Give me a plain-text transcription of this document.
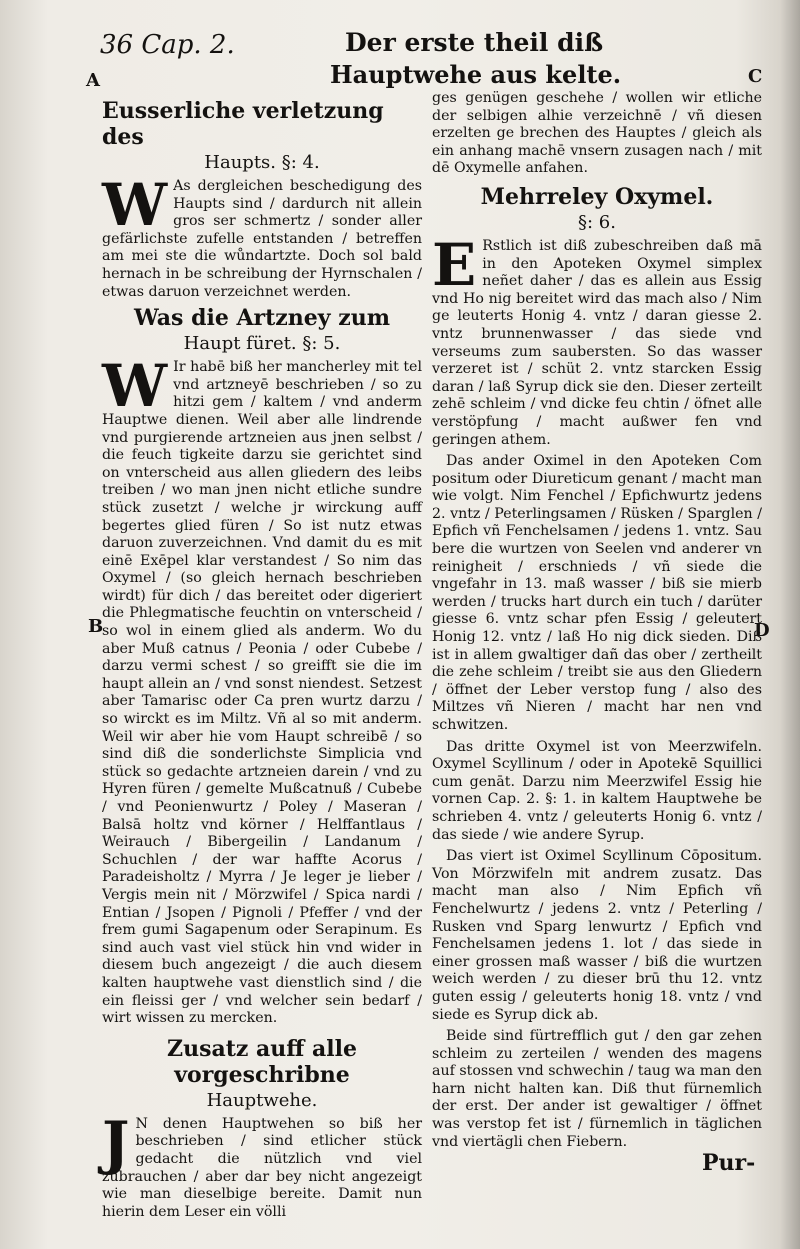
36 Cap. 2.	Der erste theil diß
Hauptwehe aus kelte.
A
B
C
D
Eusserliche verletzung des
Haupts. §: 4.

W As dergleichen beschedigung des Haupts sind / dardurch nit allein gros ser schmertz / sonder aller gefärlichste zufelle entstanden / betreffen am mei ste die wůndartzte. Doch sol bald hernach in be schreibung der Hyrnschalen / etwas daruon verzeichnet werden.

Was die Artzney zum
Haupt füret. §: 5.

W Ir habē biß her mancherley mit tel vnd artzneyē beschrieben / so zu hitzi gem / kaltem / vnd anderm Hauptwe dienen. Weil aber alle lindrende vnd purgierende artzneien aus jnen selbst / die feuch tigkeite darzu sie gerichtet sind on vnterscheid aus allen gliedern des leibs treiben / wo man jnen nicht etliche sundre stück zusetzt / welche jr wirckung auff begertes glied füren / So ist nutz etwas daruon zuverzeichnen. Vnd damit du es mit einē Exēpel klar verstandest / So nim das Oxymel / (so gleich hernach beschrieben wirdt) für dich / das bereitet oder digeriert die Phlegmatische feuchtin on vnterscheid / so wol in einem glied als anderm. Wo du aber Muß catnus / Peonia / oder Cubebe / darzu vermi schest / so greifft sie die im haupt allein an / vnd sonst niendest. Setzest aber Tamarisc oder Ca pren wurtz darzu / so wirckt es im Miltz. Vñ al so mit anderm. Weil wir aber hie vom Haupt schreibē / so sind diß die sonderlichste Simplicia vnd stück so gedachte artzneien darein / vnd zu Hyren füren / gemelte Mußcatnuß / Cubebe / vnd Peonienwurtz / Poley / Maseran / Balsā holtz vnd körner / Helffantlaus / Weirauch / Bibergeilin / Landanum / Schuchlen / der war haffte Acorus / Paradeisholtz / Myrra / Je leger je lieber / Vergis mein nit / Mörzwifel / Spica nardi / Entian / Jsopen / Pignoli / Pfeffer / vnd der frem gumi Sagapenum oder Serapinum. Es sind auch vast viel stück hin vnd wider in diesem buch angezeigt / die auch diesem kalten hauptwehe vast dienstlich sind / die ein fleissi ger / vnd welcher sein bedarf / wirt wissen zu mercken.

Zusatz auff alle vorgeschribne
Hauptwehe.

J N denen Hauptwehen so biß her beschrieben / sind etlicher stück gedacht die nützlich vnd viel zubrauchen / aber dar bey nicht angezeigt wie man dieselbige bereite. Damit nun hierin dem Leser ein völli

ges genügen geschehe / wollen wir etliche der selbigen alhie verzeichnē / vñ diesen erzelten ge brechen des Hauptes / gleich als ein anhang machē vnsern zusagen nach / mit dē Oxymelle anfahen.

Mehrreley Oxymel.
§: 6.

E Rstlich ist diß zubeschreiben daß mā in den Apoteken Oxymel simplex neñet daher / das es allein aus Essig vnd Ho nig bereitet wird das mach also / Nim ge leuterts Honig 4. vntz / daran giesse 2. vntz brunnenwasser / das siede vnd verseums zum saubersten. So das wasser verzeret ist / schüt 2. vntz starcken Essig daran / laß Syrup dick sie den. Dieser zerteilt zehē schleim / vnd dicke feu chtin / öfnet alle verstöpfung / macht außwer fen vnd geringen athem.

Das ander Oximel in den Apoteken Com positum oder Diureticum genant / macht man wie volgt. Nim Fenchel / Epfichwurtz jedens 2. vntz / Peterlingsamen / Rüsken / Sparglen / Epfich vñ Fenchelsamen / jedens 1. vntz. Sau bere die wurtzen von Seelen vnd anderer vn reinigheit / erschnieds / vñ siede die vngefahr in 13. maß wasser / biß sie mierb werden / trucks hart durch ein tuch / darüter giesse 6. vntz schar pfen Essig / geleutert Honig 12. vntz / laß Ho nig dick sieden. Diß ist in allem gwaltiger dañ das ober / zertheilt die zehe schleim / treibt sie aus den Gliedern / öffnet der Leber verstop fung / also des Miltzes vñ Nieren / macht har nen vnd schwitzen.

Das dritte Oxymel ist von Meerzwifeln. Oxymel Scyllinum / oder in Apotekē Squillici cum genāt. Darzu nim Meerzwifel Essig hie vornen Cap. 2. §: 1. in kaltem Hauptwehe be schrieben 4. vntz / geleuterts Honig 6. vntz / das siede / wie andere Syrup.

Das viert ist Oximel Scyllinum Cōpositum. Von Mörzwifeln mit andrem zusatz. Das macht man also / Nim Epfich vñ Fenchelwurtz / jedens 2. vntz / Peterling / Rusken vnd Sparg lenwurtz / Epfich vnd Fenchelsamen jedens 1. lot / das siede in einer grossen maß wasser / biß die wurtzen weich werden / zu dieser brū thu 12. vntz guten essig / geleuterts honig 18. vntz / vnd siede es Syrup dick ab.

Beide sind fürtrefflich gut / den gar zehen schleim zu zerteilen / wenden des magens auf stossen vnd schwechin / taug wa man den harn nicht halten kan. Diß thut fürnemlich der erst. Der ander ist gewaltiger / öffnet was verstop fet ist / fürnemlich in täglichen vnd viertägli chen Fiebern.

Pur-
